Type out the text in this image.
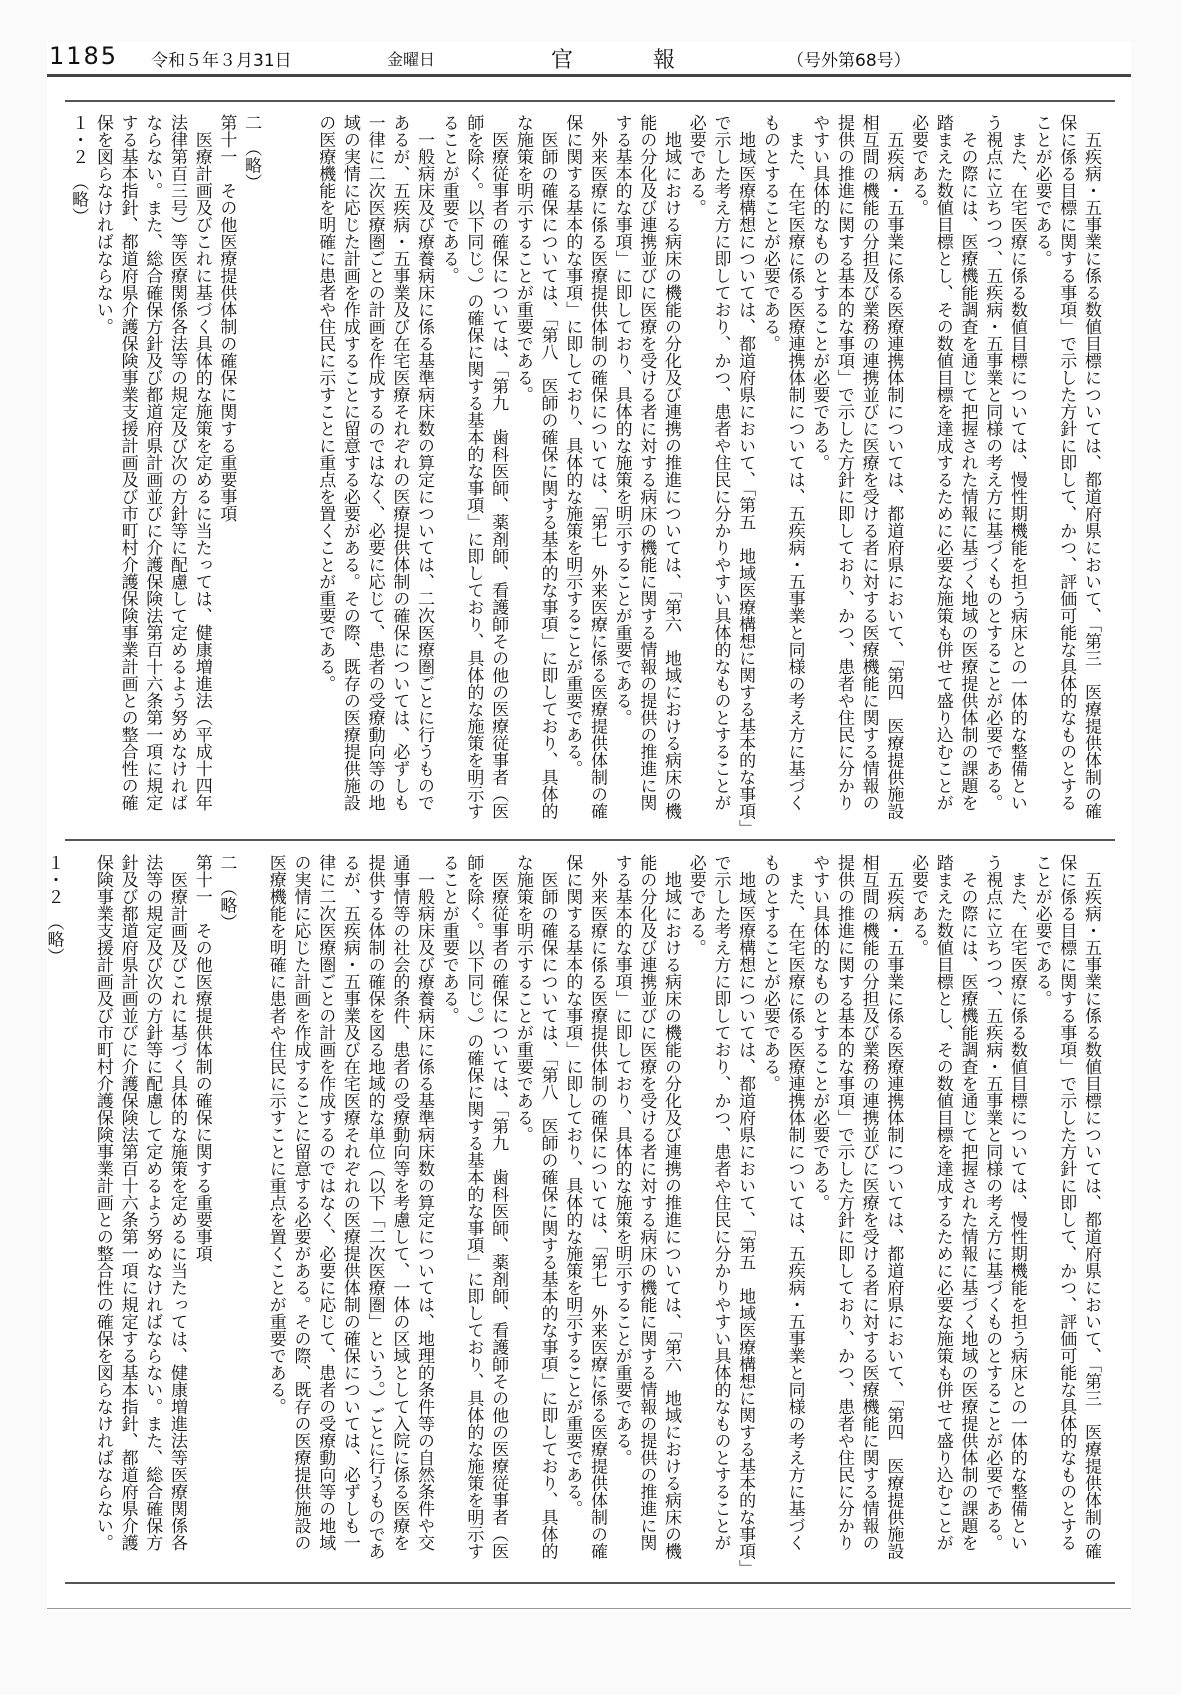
1185 令和５年３月31日	金曜日	官	報	（号外第68号）
　五疾病・五事業に係る数値目標については、都道府県において、「第三　医療提供体制の確
保に係る目標に関する事項」で示した方針に即して、かつ、評価可能な具体的なものとする
ことが必要である。
　また、在宅医療に係る数値目標については、慢性期機能を担う病床との一体的な整備とい
う視点に立ちつつ、五疾病・五事業と同様の考え方に基づくものとすることが必要である。
　その際には、医療機能調査を通じて把握された情報に基づく地域の医療提供体制の課題を
踏まえた数値目標とし、その数値目標を達成するために必要な施策も併せて盛り込むことが
必要である。
　五疾病・五事業に係る医療連携体制については、都道府県において、「第四　医療提供施設
相互間の機能の分担及び業務の連携並びに医療を受ける者に対する医療機能に関する情報の
提供の推進に関する基本的な事項」で示した方針に即しており、かつ、患者や住民に分かり
やすい具体的なものとすることが必要である。
　また、在宅医療に係る医療連携体制については、五疾病・五事業と同様の考え方に基づく
ものとすることが必要である。
　地域医療構想については、都道府県において、「第五　地域医療構想に関する基本的な事項」
で示した考え方に即しており、かつ、患者や住民に分かりやすい具体的なものとすることが
必要である。
　地域における病床の機能の分化及び連携の推進については、「第六　地域における病床の機
能の分化及び連携並びに医療を受ける者に対する病床の機能に関する情報の提供の推進に関
する基本的な事項」に即しており、具体的な施策を明示することが重要である。
　外来医療に係る医療提供体制の確保については、「第七　外来医療に係る医療提供体制の確
保に関する基本的な事項」に即しており、具体的な施策を明示することが重要である。
　医師の確保については、「第八　医師の確保に関する基本的な事項」に即しており、具体的
な施策を明示することが重要である。
　医療従事者の確保については、「第九　歯科医師、薬剤師、看護師その他の医療従事者（医
師を除く。以下同じ。）の確保に関する基本的な事項」に即しており、具体的な施策を明示す
ることが重要である。
　一般病床及び療養病床に係る基準病床数の算定については、二次医療圏ごとに行うもので
あるが、五疾病・五事業及び在宅医療それぞれの医療提供体制の確保については、必ずしも
一律に二次医療圏ごとの計画を作成するのではなく、必要に応じて、患者の受療動向等の地
域の実情に応じた計画を作成することに留意する必要がある。その際、既存の医療提供施設
の医療機能を明確に患者や住民に示すことに重点を置くことが重要である。
二　（略）
第十一　その他医療提供体制の確保に関する重要事項
　医療計画及びこれに基づく具体的な施策を定めるに当たっては、健康増進法（平成十四年
法律第百三号）等医療関係各法等の規定及び次の方針等に配慮して定めるよう努めなければ
ならない。また、総合確保方針及び都道府県計画並びに介護保険法第百十六条第一項に規定
する基本指針、都道府県介護保険事業支援計画及び市町村介護保険事業計画との整合性の確
保を図らなければならない。
１・２　（略）
　五疾病・五事業に係る数値目標については、都道府県において、「第三　医療提供体制の確
保に係る目標に関する事項」で示した方針に即して、かつ、評価可能な具体的なものとする
ことが必要である。
　また、在宅医療に係る数値目標については、慢性期機能を担う病床との一体的な整備とい
う視点に立ちつつ、五疾病・五事業と同様の考え方に基づくものとすることが必要である。
　その際には、医療機能調査を通じて把握された情報に基づく地域の医療提供体制の課題を
踏まえた数値目標とし、その数値目標を達成するために必要な施策も併せて盛り込むことが
必要である。
　五疾病・五事業に係る医療連携体制については、都道府県において、「第四　医療提供施設
相互間の機能の分担及び業務の連携並びに医療を受ける者に対する医療機能に関する情報の
提供の推進に関する基本的な事項」で示した方針に即しており、かつ、患者や住民に分かり
やすい具体的なものとすることが必要である。
　また、在宅医療に係る医療連携体制については、五疾病・五事業と同様の考え方に基づく
ものとすることが必要である。
　地域医療構想については、都道府県において、「第五　地域医療構想に関する基本的な事項」
で示した考え方に即しており、かつ、患者や住民に分かりやすい具体的なものとすることが
必要である。
　地域における病床の機能の分化及び連携の推進については、「第六　地域における病床の機
能の分化及び連携並びに医療を受ける者に対する病床の機能に関する情報の提供の推進に関
する基本的な事項」に即しており、具体的な施策を明示することが重要である。
　外来医療に係る医療提供体制の確保については、「第七　外来医療に係る医療提供体制の確
保に関する基本的な事項」に即しており、具体的な施策を明示することが重要である。
　医師の確保については、「第八　医師の確保に関する基本的な事項」に即しており、具体的
な施策を明示することが重要である。
　医療従事者の確保については、「第九　歯科医師、薬剤師、看護師その他の医療従事者（医
師を除く。以下同じ。）の確保に関する基本的な事項」に即しており、具体的な施策を明示す
ることが重要である。
　一般病床及び療養病床に係る基準病床数の算定については、地理的条件等の自然条件や交
通事情等の社会的条件、患者の受療動向等を考慮して、一体の区域として入院に係る医療を
提供する体制の確保を図る地域的な単位（以下「二次医療圏」という。）ごとに行うものであ
るが、五疾病・五事業及び在宅医療それぞれの医療提供体制の確保については、必ずしも一
律に二次医療圏ごとの計画を作成するのではなく、必要に応じて、患者の受療動向等の地域
の実情に応じた計画を作成することに留意する必要がある。その際、既存の医療提供施設の
医療機能を明確に患者や住民に示すことに重点を置くことが重要である。
二　（略）
第十一　その他医療提供体制の確保に関する重要事項
　医療計画及びこれに基づく具体的な施策を定めるに当たっては、健康増進法等医療関係各
法等の規定及び次の方針等に配慮して定めるよう努めなければならない。また、総合確保方
針及び都道府県計画並びに介護保険法第百十六条第一項に規定する基本指針、都道府県介護
保険事業支援計画及び市町村介護保険事業計画との整合性の確保を図らなければならない。
１・２　（略）
